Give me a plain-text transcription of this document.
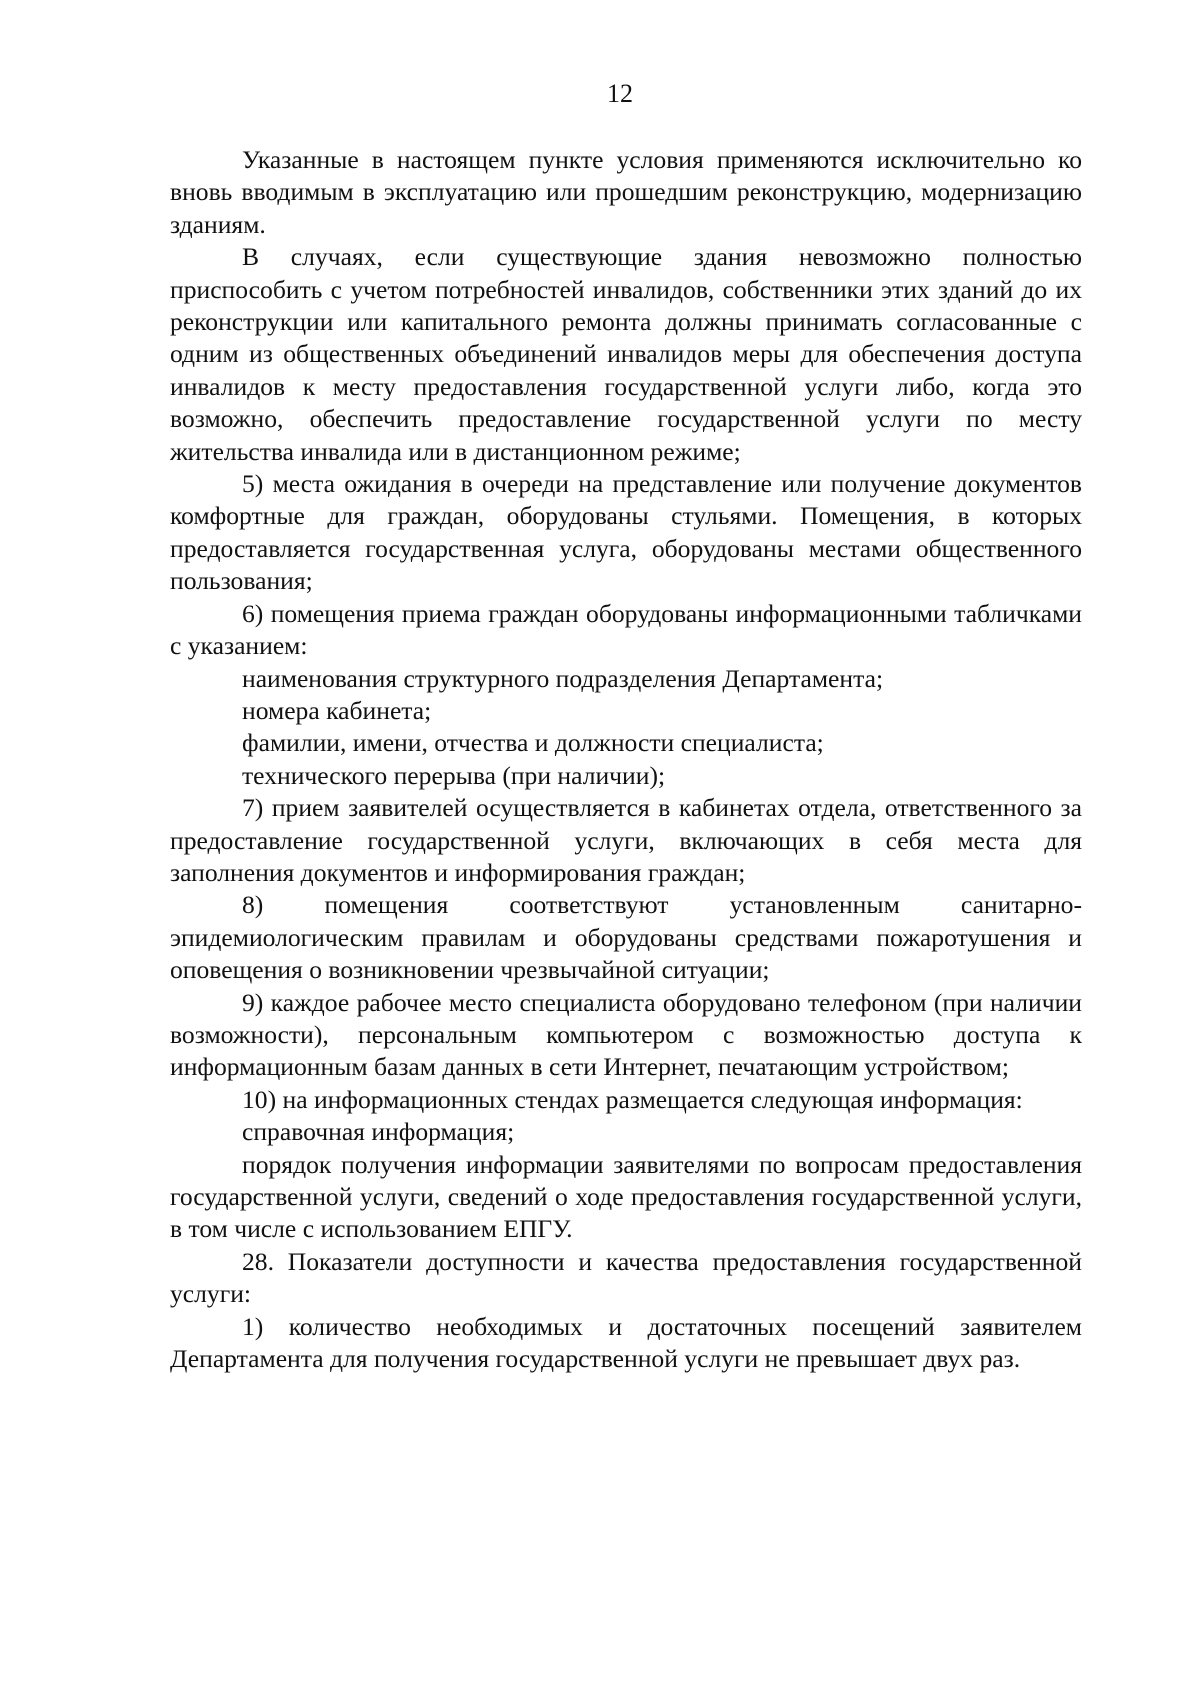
12

Указанные в настоящем пункте условия применяются исключительно ко вновь вводимым в эксплуатацию или прошедшим реконструкцию, модернизацию зданиям.

В случаях, если существующие здания невозможно полностью приспособить с учетом потребностей инвалидов, собственники этих зданий до их реконструкции или капитального ремонта должны принимать согласованные с одним из общественных объединений инвалидов меры для обеспечения доступа инвалидов к месту предоставления государственной услуги либо, когда это возможно, обеспечить предоставление государственной услуги по месту жительства инвалида или в дистанционном режиме;

5) места ожидания в очереди на представление или получение документов комфортные для граждан, оборудованы стульями. Помещения, в которых предоставляется государственная услуга, оборудованы местами общественного пользования;

6) помещения приема граждан оборудованы информационными табличками с указанием:

наименования структурного подразделения Департамента;

номера кабинета;

фамилии, имени, отчества и должности специалиста;

технического перерыва (при наличии);

7) прием заявителей осуществляется в кабинетах отдела, ответственного за предоставление государственной услуги, включающих в себя места для заполнения документов и информирования граждан;

8) помещения соответствуют установленным санитарно-эпидемиологическим правилам и оборудованы средствами пожаротушения и оповещения о возникновении чрезвычайной ситуации;

9) каждое рабочее место специалиста оборудовано телефоном (при наличии возможности), персональным компьютером с возможностью доступа к информационным базам данных в сети Интернет, печатающим устройством;

10) на информационных стендах размещается следующая информация:

справочная информация;

порядок получения информации заявителями по вопросам предоставления государственной услуги, сведений о ходе предоставления государственной услуги, в том числе с использованием ЕПГУ.

28. Показатели доступности и качества предоставления государственной услуги:

1) количество необходимых и достаточных посещений заявителем Департамента для получения государственной услуги не превышает двух раз.
